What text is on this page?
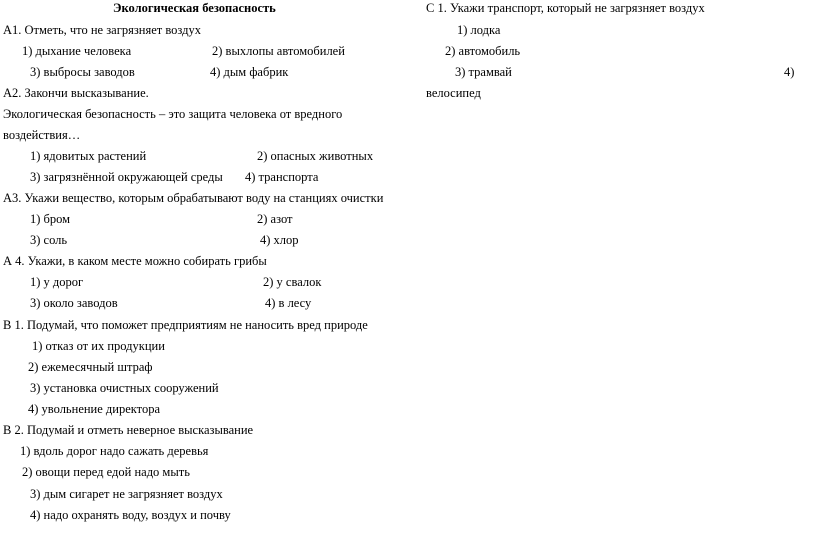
Экологическая безопасность
А1. Отметь, что не загрязняет воздух
1) дыхание человека	2) выхлопы автомобилей
3) выбросы заводов	4) дым фабрик
А2. Закончи высказывание.
Экологическая безопасность – это защита человека от вредного
воздействия…
1) ядовитых растений	2) опасных животных
3) загрязнённой окружающей среды 4) транспорта
А3. Укажи вещество, которым обрабатывают воду на станциях очистки
1) бром	2) азот
3) соль	4) хлор
А 4. Укажи, в каком месте можно собирать грибы
1) у дорог	2) у свалок
3) около заводов	4) в лесу
В 1. Подумай, что поможет предприятиям не наносить вред природе
1) отказ от их продукции
2) ежемесячный штраф
3) установка очистных сооружений
4) увольнение директора
В 2. Подумай и отметь неверное высказывание
1) вдоль дорог надо сажать деревья
2) овощи перед едой надо мыть
3) дым сигарет не загрязняет воздух
4) надо охранять воду, воздух и почву
С 1. Укажи транспорт, который не загрязняет воздух
1) лодка
2) автомобиль
3) трамвай	4)
велосипед
